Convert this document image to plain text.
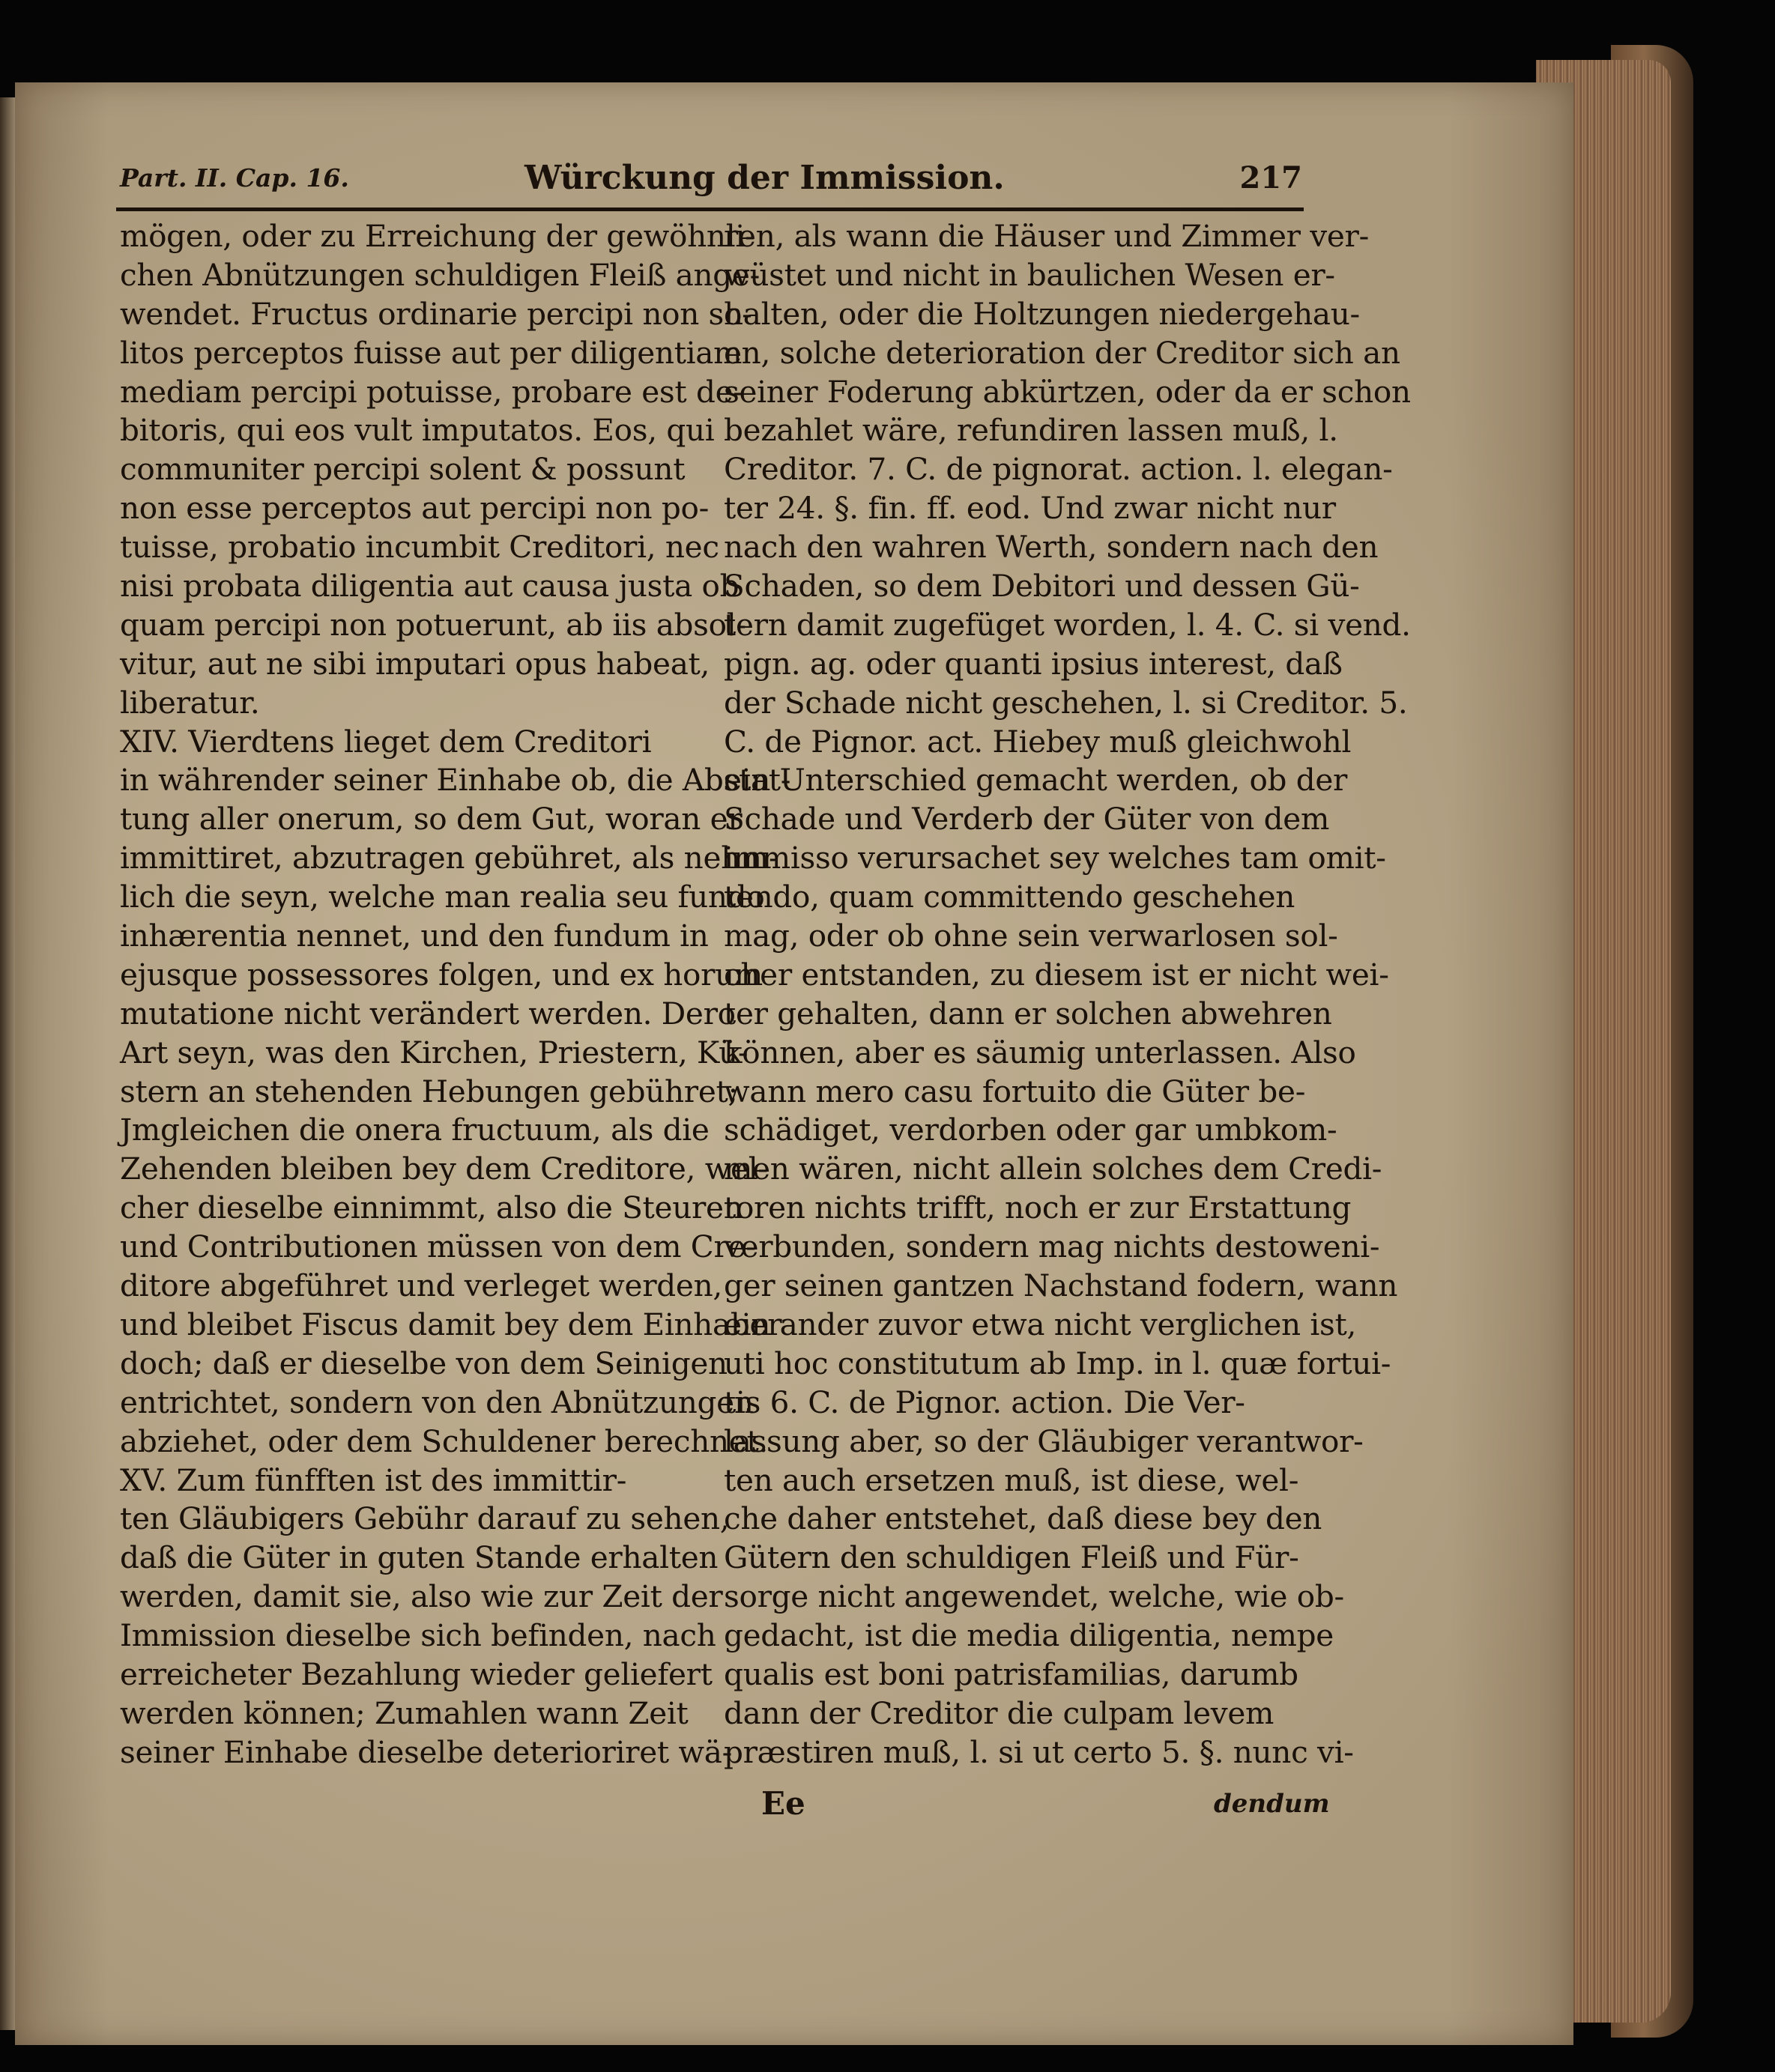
Part. II. Cap. 16.	Würckung der Immission.	217
mögen, oder zu Erreichung der gewöhnli-
chen Abnützungen schuldigen Fleiß ange-
wendet. Fructus ordinarie percipi non so-
litos perceptos fuisse aut per diligentiam
mediam percipi potuisse, probare est de-
bitoris, qui eos vult imputatos. Eos, qui
communiter percipi solent & possunt
non esse perceptos aut percipi non po-
tuisse, probatio incumbit Creditori, nec
nisi probata diligentia aut causa justa ob
quam percipi non potuerunt, ab iis absol-
vitur, aut ne sibi imputari opus habeat,
liberatur.
XIV. Vierdtens lieget dem Creditori
in währender seiner Einhabe ob, die Abstat-
tung aller onerum, so dem Gut, woran er
immittiret, abzutragen gebühret, als nehm-
lich die seyn, welche man realia seu fundo
inhærentia nennet, und den fundum in
ejusque possessores folgen, und ex horum
mutatione nicht verändert werden. Dero
Art seyn, was den Kirchen, Priestern, Kü-
stern an stehenden Hebungen gebühret;
Jmgleichen die onera fructuum, als die
Zehenden bleiben bey dem Creditore, wel-
cher dieselbe einnimmt, also die Steuren
und Contributionen müssen von dem Cre-
ditore abgeführet und verleget werden,
und bleibet Fiscus damit bey dem Einhaber
doch; daß er dieselbe von dem Seinigen
entrichtet, sondern von den Abnützungen
abziehet, oder dem Schuldener berechnet.
XV. Zum fünfften ist des immittir-
ten Gläubigers Gebühr darauf zu sehen,
daß die Güter in guten Stande erhalten
werden, damit sie, also wie zur Zeit der
Immission dieselbe sich befinden, nach
erreicheter Bezahlung wieder geliefert
werden können; Zumahlen wann Zeit
seiner Einhabe dieselbe deterioriret wä-
ren, als wann die Häuser und Zimmer ver-
wüstet und nicht in baulichen Wesen er-
halten, oder die Holtzungen niedergehau-
en, solche deterioration der Creditor sich an
seiner Foderung abkürtzen, oder da er schon
bezahlet wäre, refundiren lassen muß, l.
Creditor. 7. C. de pignorat. action. l. elegan-
ter 24. §. fin. ff. eod. Und zwar nicht nur
nach den wahren Werth, sondern nach den
Schaden, so dem Debitori und dessen Gü-
tern damit zugefüget worden, l. 4. C. si vend.
pign. ag. oder quanti ipsius interest, daß
der Schade nicht geschehen, l. si Creditor. 5.
C. de Pignor. act. Hiebey muß gleichwohl
ein Unterschied gemacht werden, ob der
Schade und Verderb der Güter von dem
immisso verursachet sey welches tam omit-
tendo, quam committendo geschehen
mag, oder ob ohne sein verwarlosen sol-
cher entstanden, zu diesem ist er nicht wei-
ter gehalten, dann er solchen abwehren
können, aber es säumig unterlassen. Also
wann mero casu fortuito die Güter be-
schädiget, verdorben oder gar umbkom-
men wären, nicht allein solches dem Credi-
toren nichts trifft, noch er zur Erstattung
verbunden, sondern mag nichts destoweni-
ger seinen gantzen Nachstand fodern, wann
ein ander zuvor etwa nicht verglichen ist,
uti hoc constitutum ab Imp. in l. quæ fortui-
tis 6. C. de Pignor. action. Die Ver-
lassung aber, so der Gläubiger verantwor-
ten auch ersetzen muß, ist diese, wel-
che daher entstehet, daß diese bey den
Gütern den schuldigen Fleiß und Für-
sorge nicht angewendet, welche, wie ob-
gedacht, ist die media diligentia, nempe
qualis est boni patrisfamilias, darumb
dann der Creditor die culpam levem
præstiren muß, l. si ut certo 5. §. nunc vi-
Ee	dendum
